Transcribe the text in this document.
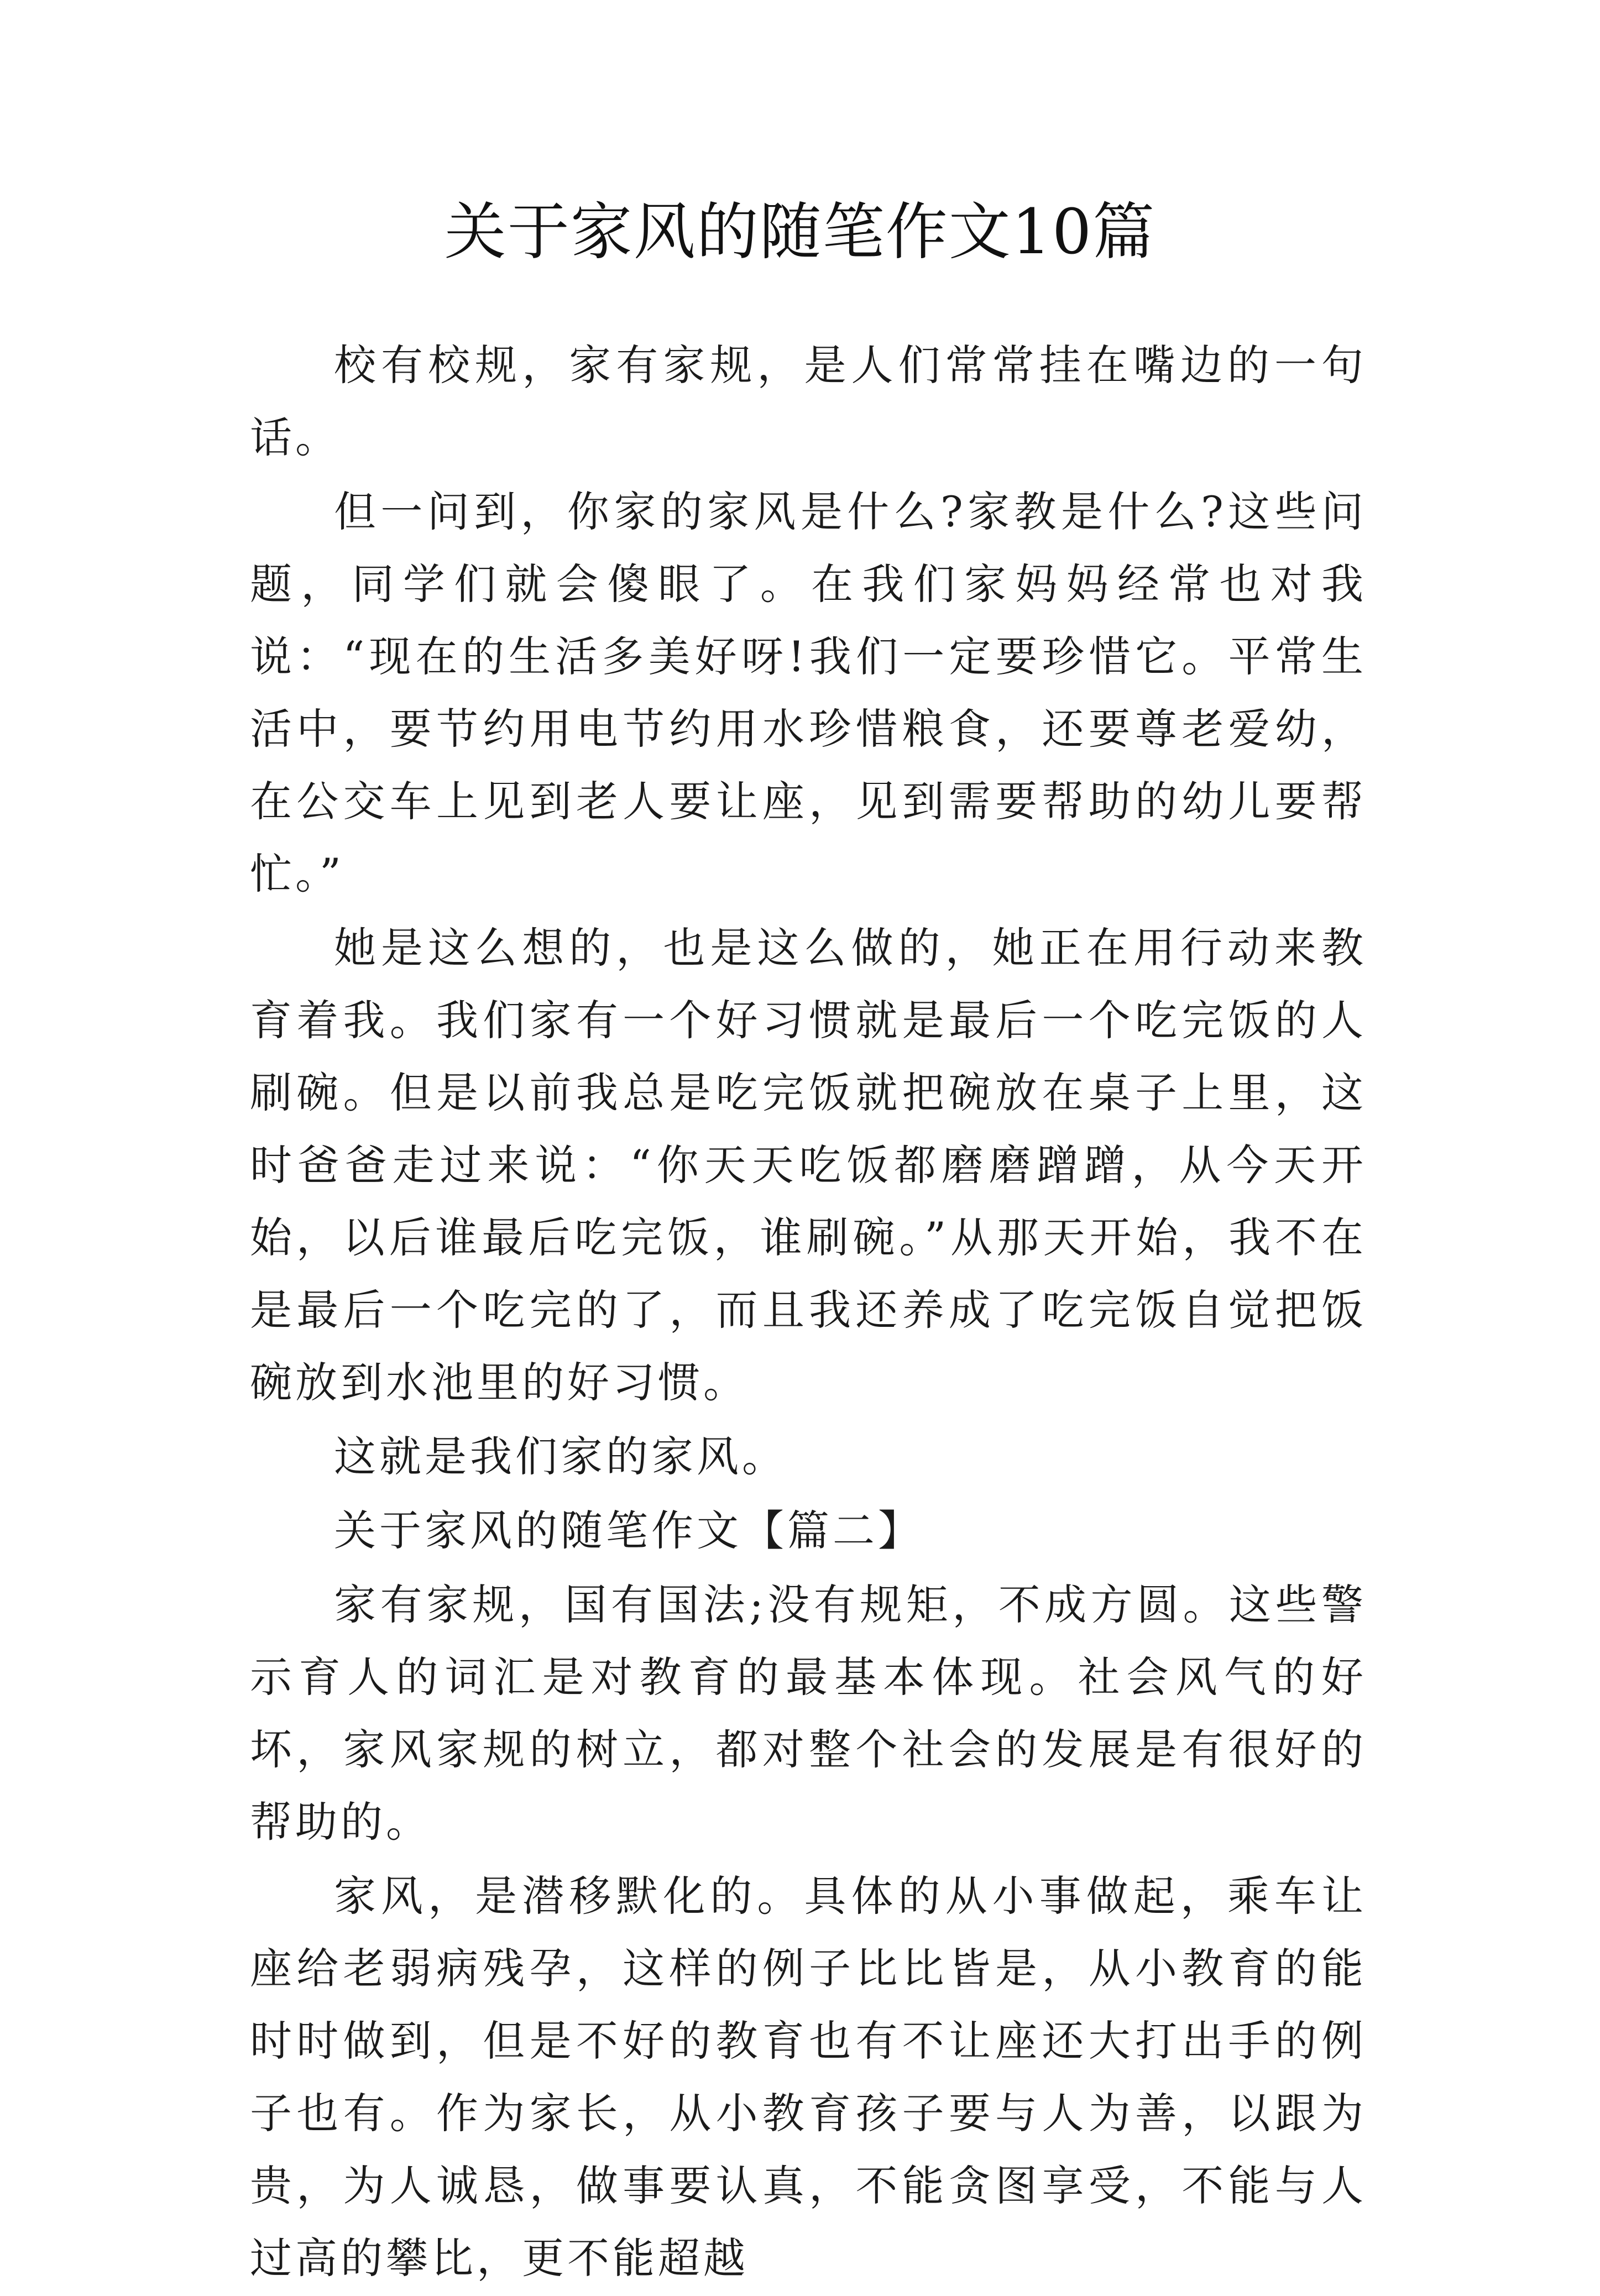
关于家风的随笔作文10篇

校有校规，家有家规，是人们常常挂在嘴边的一句话。

但一问到，你家的家风是什么?家教是什么?这些问题，同学们就会傻眼了。在我们家妈妈经常也对我说：“现在的生活多美好呀!我们一定要珍惜它。平常生活中，要节约用电节约用水珍惜粮食，还要尊老爱幼，在公交车上见到老人要让座，见到需要帮助的幼儿要帮忙。”

她是这么想的，也是这么做的，她正在用行动来教育着我。我们家有一个好习惯就是最后一个吃完饭的人刷碗。但是以前我总是吃完饭就把碗放在桌子上里，这时爸爸走过来说：“你天天吃饭都磨磨蹭蹭，从今天开始，以后谁最后吃完饭，谁刷碗。”从那天开始，我不在是最后一个吃完的了，而且我还养成了吃完饭自觉把饭碗放到水池里的好习惯。

这就是我们家的家风。

关于家风的随笔作文【篇二】

家有家规，国有国法;没有规矩，不成方圆。这些警示育人的词汇是对教育的最基本体现。社会风气的好坏，家风家规的树立，都对整个社会的发展是有很好的帮助的。

家风，是潜移默化的。具体的从小事做起，乘车让座给老弱病残孕，这样的例子比比皆是，从小教育的能时时做到，但是不好的教育也有不让座还大打出手的例子也有。作为家长，从小教育孩子要与人为善，以跟为贵，为人诚恳，做事要认真，不能贪图享受，不能与人过高的攀比，更不能超越
